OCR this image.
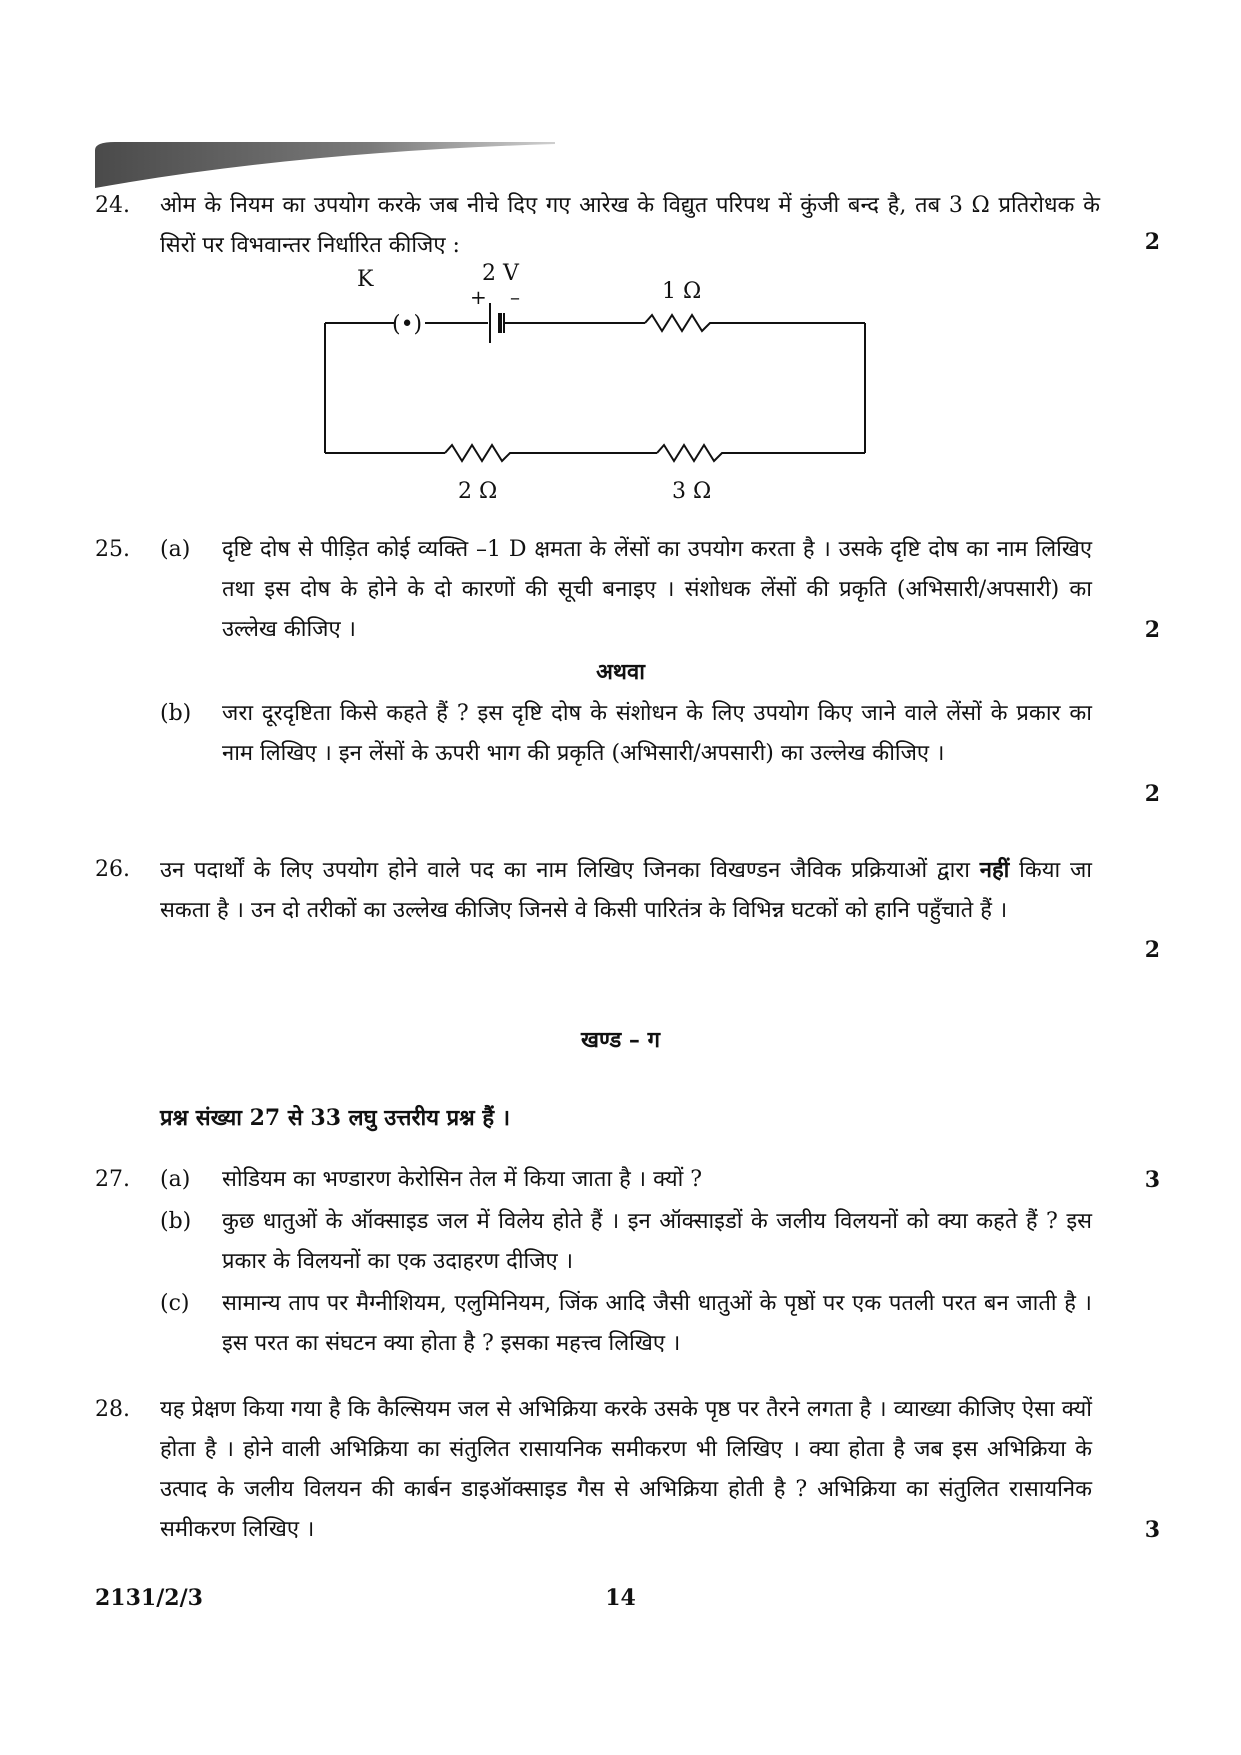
24. ओम के नियम का उपयोग करके जब नीचे दिए गए आरेख के विद्युत परिपथ में कुंजी बन्द है, तब 3 Ω प्रतिरोधक के सिरों पर विभवान्तर निर्धारित कीजिए :	2
K
(•)
2 V
+ –	1 Ω
2 Ω	3 Ω
25. (a) दृष्टि दोष से पीड़ित कोई व्यक्ति –1 D क्षमता के लेंसों का उपयोग करता है । उसके दृष्टि दोष का नाम लिखिए तथा इस दोष के होने के दो कारणों की सूची बनाइए । संशोधक लेंसों की प्रकृति (अभिसारी/अपसारी) का उल्लेख कीजिए ।	2
अथवा
(b) जरा दूरदृष्टिता किसे कहते हैं ? इस दृष्टि दोष के संशोधन के लिए उपयोग किए जाने वाले लेंसों के प्रकार का नाम लिखिए । इन लेंसों के ऊपरी भाग की प्रकृति (अभिसारी/अपसारी) का उल्लेख कीजिए ।
2
26. उन पदार्थों के लिए उपयोग होने वाले पद का नाम लिखिए जिनका विखण्डन जैविक प्रक्रियाओं द्वारा नहीं किया जा सकता है । उन दो तरीकों का उल्लेख कीजिए जिनसे वे किसी पारितंत्र के विभिन्न घटकों को हानि पहुँचाते हैं ।
2
खण्ड – ग
प्रश्न संख्या 27 से 33 लघु उत्तरीय प्रश्न हैं ।
27. (a) सोडियम का भण्डारण केरोसिन तेल में किया जाता है । क्यों ?	3
(b) कुछ धातुओं के ऑक्साइड जल में विलेय होते हैं । इन ऑक्साइडों के जलीय विलयनों को क्या कहते हैं ? इस प्रकार के विलयनों का एक उदाहरण दीजिए ।
(c) सामान्य ताप पर मैग्नीशियम, एलुमिनियम, जिंक आदि जैसी धातुओं के पृष्ठों पर एक पतली परत बन जाती है । इस परत का संघटन क्या होता है ? इसका महत्त्व लिखिए ।
28. यह प्रेक्षण किया गया है कि कैल्सियम जल से अभिक्रिया करके उसके पृष्ठ पर तैरने लगता है । व्याख्या कीजिए ऐसा क्यों होता है । होने वाली अभिक्रिया का संतुलित रासायनिक समीकरण भी लिखिए । क्या होता है जब इस अभिक्रिया के उत्पाद के जलीय विलयन की कार्बन डाइऑक्साइड गैस से अभिक्रिया होती है ? अभिक्रिया का संतुलित रासायनिक समीकरण लिखिए ।	3
2131/2/3	14
